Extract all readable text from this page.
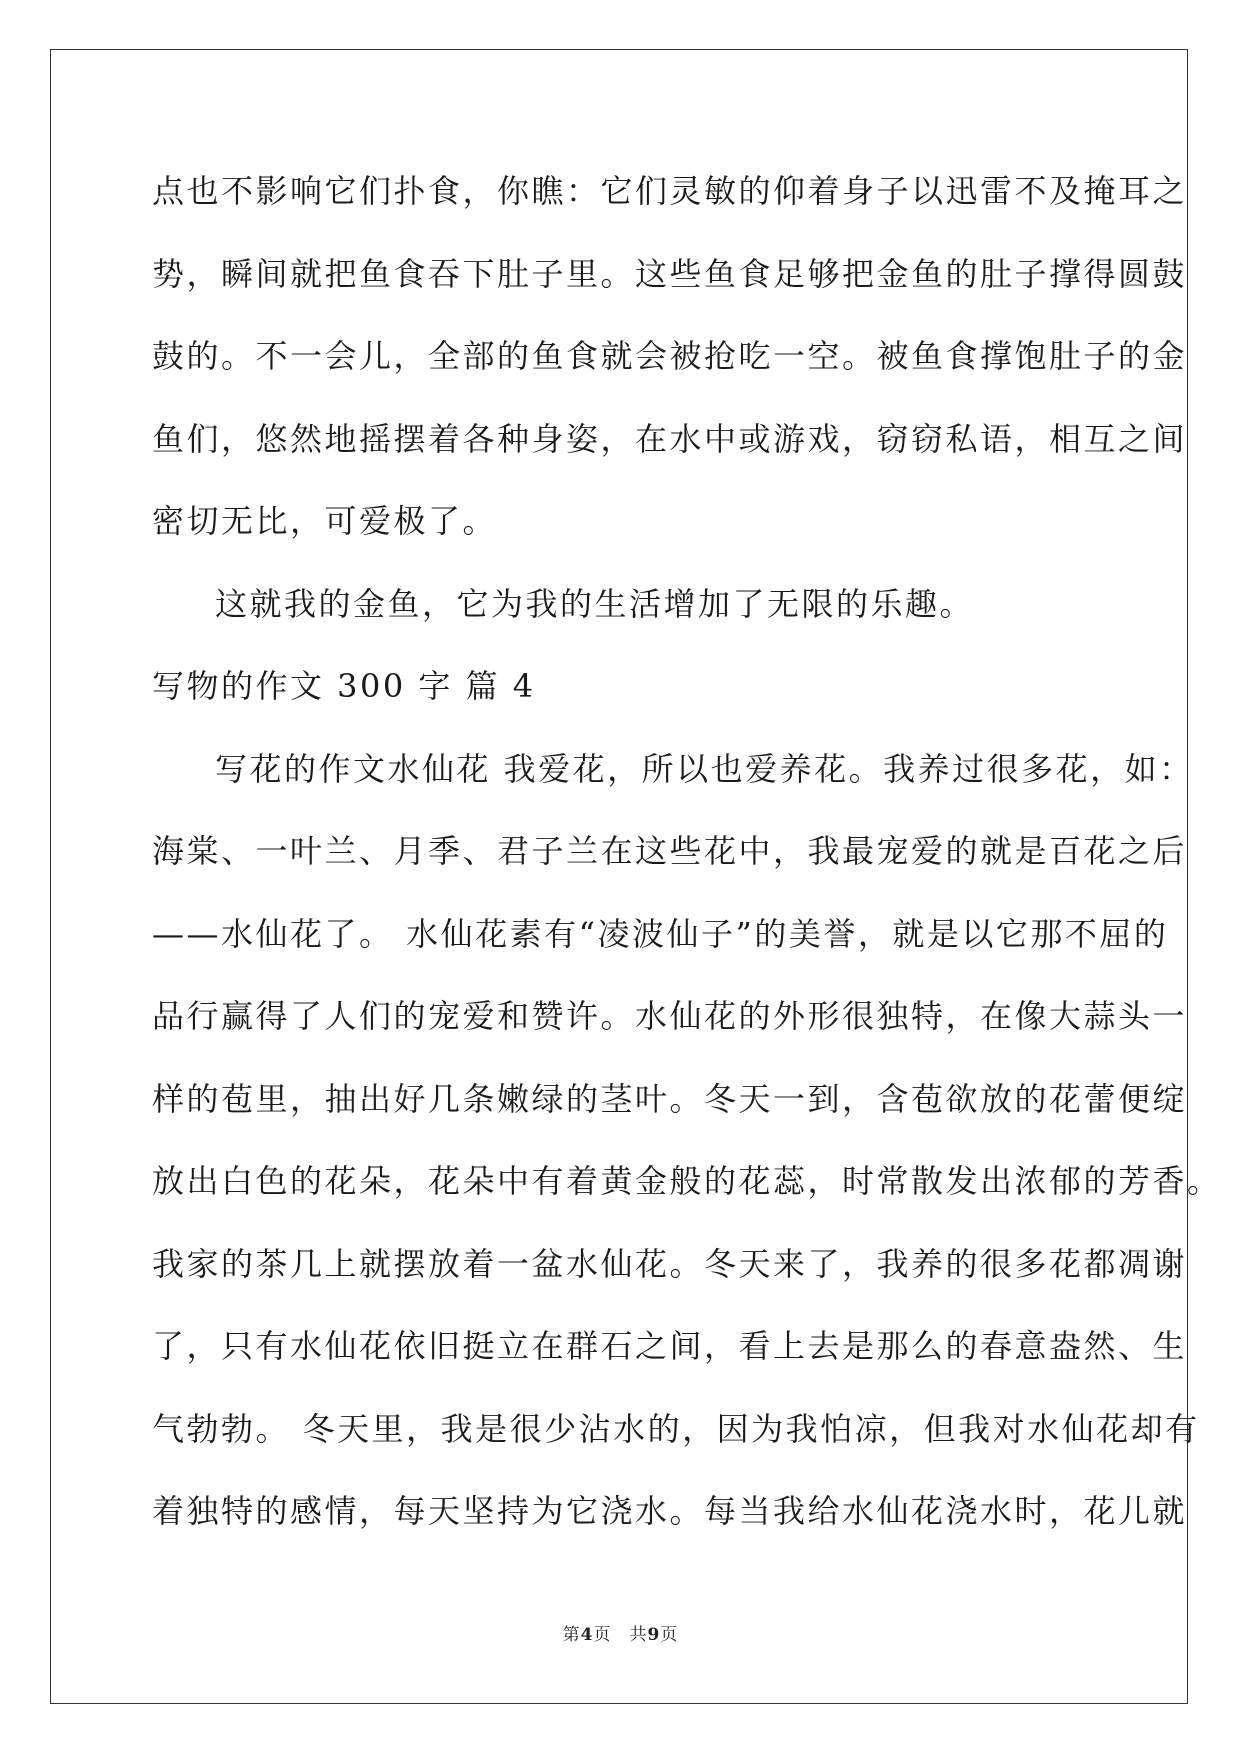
点也不影响它们扑食，你瞧：它们灵敏的仰着身子以迅雷不及掩耳之
势，瞬间就把鱼食吞下肚子里。这些鱼食足够把金鱼的肚子撑得圆鼓
鼓的。不一会儿，全部的鱼食就会被抢吃一空。被鱼食撑饱肚子的金
鱼们，悠然地摇摆着各种身姿，在水中或游戏，窃窃私语，相互之间
密切无比，可爱极了。
这就我的金鱼，它为我的生活增加了无限的乐趣。
写物的作文 300 字 篇 4
写花的作文水仙花 我爱花，所以也爱养花。我养过很多花，如：
海棠、一叶兰、月季、君子兰在这些花中，我最宠爱的就是百花之后
——水仙花了。 水仙花素有“凌波仙子”的美誉，就是以它那不屈的
品行赢得了人们的宠爱和赞许。水仙花的外形很独特，在像大蒜头一
样的苞里，抽出好几条嫩绿的茎叶。冬天一到，含苞欲放的花蕾便绽
放出白色的花朵，花朵中有着黄金般的花蕊，时常散发出浓郁的芳香。
我家的茶几上就摆放着一盆水仙花。冬天来了，我养的很多花都凋谢
了，只有水仙花依旧挺立在群石之间，看上去是那么的春意盎然、生
气勃勃。 冬天里，我是很少沾水的，因为我怕凉，但我对水仙花却有
着独特的感情，每天坚持为它浇水。每当我给水仙花浇水时，花儿就
第4页 共9页
